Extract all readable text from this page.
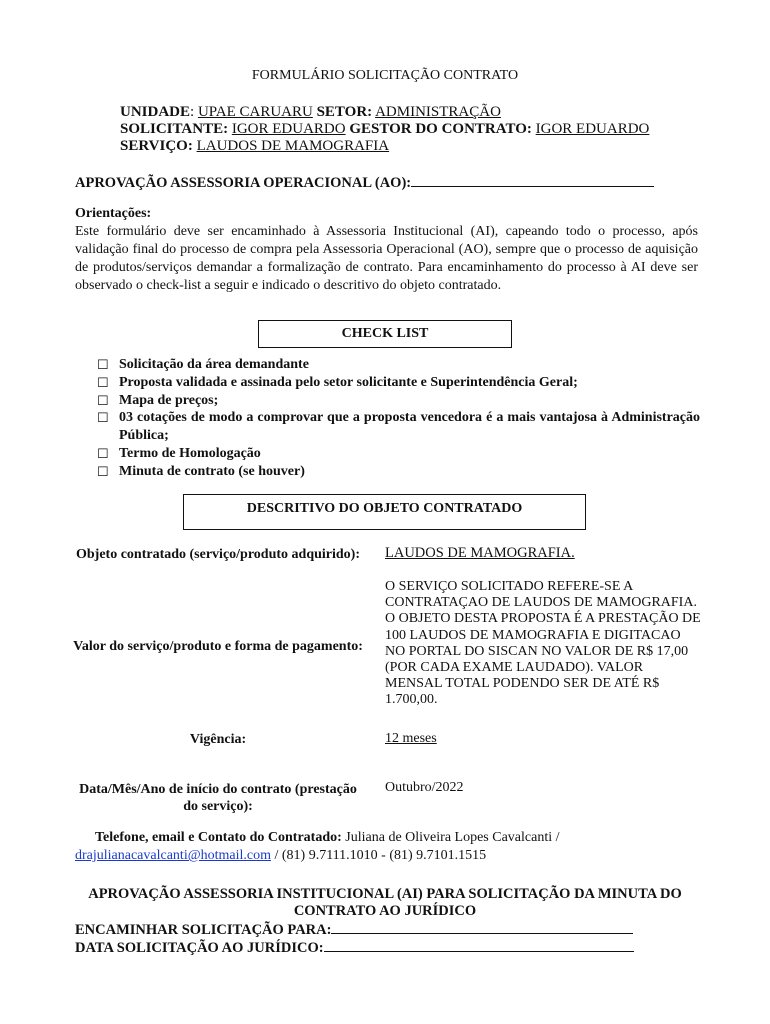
FORMULÁRIO SOLICITAÇÃO CONTRATO
UNIDADE: UPAE CARUARU SETOR: ADMINISTRAÇÃO
SOLICITANTE: IGOR EDUARDO GESTOR DO CONTRATO: IGOR EDUARDO
SERVIÇO: LAUDOS DE MAMOGRAFIA
APROVAÇÃO ASSESSORIA OPERACIONAL (AO):
Orientações:
Este formulário deve ser encaminhado à Assessoria Institucional (AI), capeando todo o processo, após validação final do processo de compra pela Assessoria Operacional (AO), sempre que o processo de aquisição de produtos/serviços demandar a formalização de contrato. Para encaminhamento do processo à AI deve ser observado o check-list a seguir e indicado o descritivo do objeto contratado.
CHECK LIST
☐ Solicitação da área demandante
☐ Proposta validada e assinada pelo setor solicitante e Superintendência Geral;
☐ Mapa de preços;
☐ 03 cotações de modo a comprovar que a proposta vencedora é a mais vantajosa à Administração Pública;
☐ Termo de Homologação
☐ Minuta de contrato (se houver)
DESCRITIVO DO OBJETO CONTRATADO
Objeto contratado (serviço/produto adquirido): LAUDOS DE MAMOGRAFIA.
Valor do serviço/produto e forma de pagamento:
O SERVIÇO SOLICITADO REFERE-SE A CONTRATAÇAO DE LAUDOS DE MAMOGRAFIA. O OBJETO DESTA PROPOSTA É A PRESTAÇÃO DE 100 LAUDOS DE MAMOGRAFIA E DIGITACAO NO PORTAL DO SISCAN NO VALOR DE R$ 17,00 (POR CADA EXAME LAUDADO). VALOR MENSAL TOTAL PODENDO SER DE ATÉ R$ 1.700,00.
Vigência:	12 meses
Data/Mês/Ano de início do contrato (prestação do serviço):
Outubro/2022
Telefone, email e Contato do Contratado: Juliana de Oliveira Lopes Cavalcanti /
drajulianacavalcanti@hotmail.com / (81) 9.7111.1010 - (81) 9.7101.1515
APROVAÇÃO ASSESSORIA INSTITUCIONAL (AI) PARA SOLICITAÇÃO DA MINUTA DO CONTRATO AO JURÍDICO
ENCAMINHAR SOLICITAÇÃO PARA:
DATA SOLICITAÇÃO AO JURÍDICO:
